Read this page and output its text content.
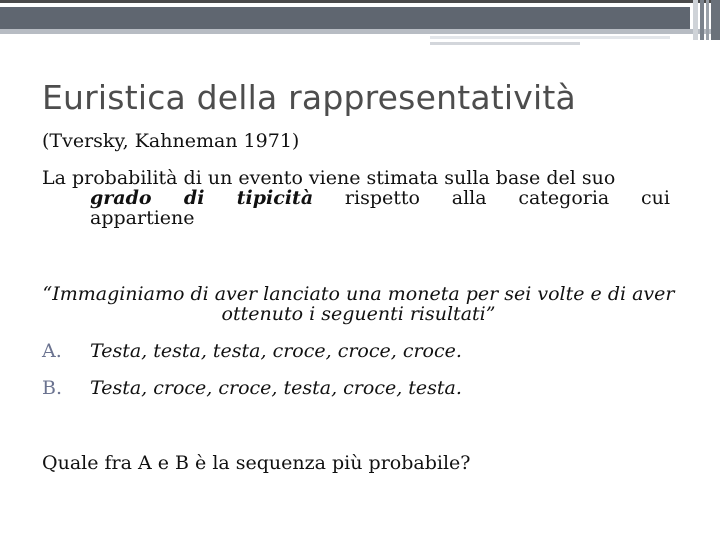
Euristica della rappresentatività
(Tversky, Kahneman 1971)
La probabilità di un evento viene stimata sulla base del suo
grado di tipicità rispetto alla categoria cui
appartiene
“Immaginiamo di aver lanciato una moneta per sei volte e di aver ottenuto i seguenti risultati”
A. Testa, testa, testa, croce, croce, croce.
B. Testa, croce, croce, testa, croce, testa.
Quale fra A e B è la sequenza più probabile?
